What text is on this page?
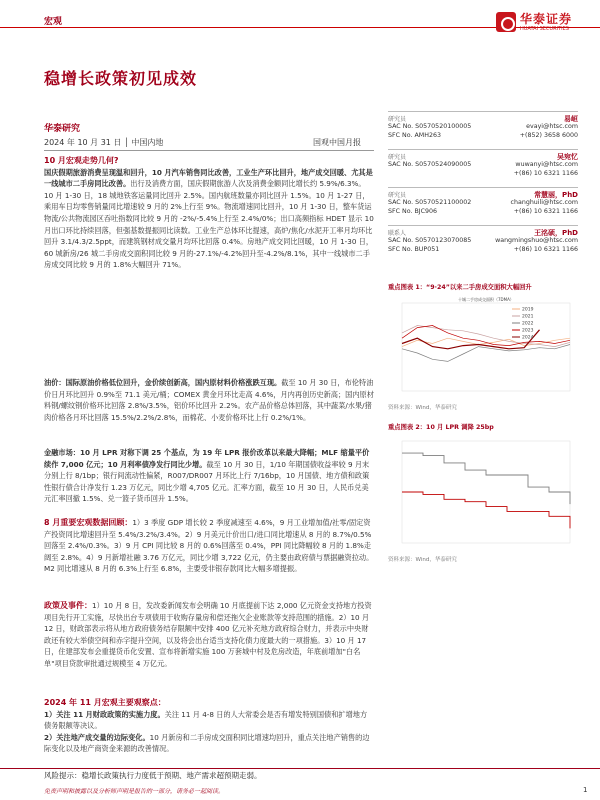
宏观	华泰证券
HUATAI SECURITIES
稳增长政策初见成效
华泰研究
2024 年 10 月 31 日 │ 中国内地	国观中国月报

10 月宏观走势几何?

国庆假期旅游消费呈现温和回升，10 月汽车销售同比改善，工业生产环比回升，地产成交回暖、尤其是一线城市二手房同比改善。出行及消费方面，国庆假期旅游人次及消费金额同比增长约 5.9%/6.3%。10 月 1-30 日，18 城地铁客运量同比回升 2.5%。国内航班数量亦同比回升 1.5%。10 月 1-27 日，乘用车日均零售销量同比增速较 9 月的 2%上行至 9%。物流增速同比回升，10 月 1-30 日，整车货运物流/公共物流园区吞吐指数同比较 9 月的 -2%/-5.4%上行至 2.4%/0%；出口高频指标 HDET 显示 10 月出口环比持续回落，但强基数提振同比读数。工业生产总体环比提速，高炉/焦化/水泥开工率月均环比回升 3.1/4.3/2.5ppt，而建筑钢材成交量月均环比回落 0.4%。房地产成交同比回暖，10 月 1-30 日，60 城新房/26 城二手房成交面积同比较 9 月的-27.1%/-4.2%回升至-4.2%/8.1%，其中一线城市二手房成交同比较 9 月的 1.8%大幅回升 71%。

油价：国际原油价格低位回升，金价续创新高，国内原材料价格涨跌互现。截至 10 月 30 日，布伦特油价日月环比回升 0.9%至 71.1 美元/桶；COMEX 黄金月环比走高 4.6%，月内再创历史新高；国内原材料钢/螺纹钢价格环比回落 2.8%/3.5%，铝价环比回升 2.2%。农产品价格总体回落，其中蔬菜/水果/猪肉价格各月环比回落 15.5%/2.2%/2.8%，而棉花、小麦价格环比上行 0.2%/1%。

金融市场：10 月 LPR 对称下调 25 个基点，为 19 年 LPR 报价改革以来最大降幅；MLF 缩量平价续作 7,000 亿元；10 月利率债净发行同比少增。截至 10 月 30 日，1/10 年期国债收益率较 9 月末分别上行 8/1bp；银行间流动性偏紧，R007/DR007 月环比上行 7/16bp，10 月国债、地方债和政策性银行债合计净发行 1.23 万亿元，同比少增 4,705 亿元。汇率方面，截至 10 月 30 日，人民币兑美元汇率回撤 1.5%、兑一篮子货币回升 1.5%。

8 月重要宏观数据回顾：1）3 季度 GDP 增长较 2 季度减速至 4.6%，9 月工业增加值/社零/固定资产投资同比增速回升至 5.4%/3.2%/3.4%。2）9 月美元计价出口/进口同比增速从 8 月的 8.7%/0.5%回落至 2.4%/0.3%。3）9 月 CPI 同比较 8 月的 0.6%回落至 0.4%，PPI 同比降幅较 8 月的 1.8%走阔至 2.8%。4）9 月新增社融 3.76 万亿元，同比少增 3,722 亿元，仍主要由政府债与票据融资拉动。M2 同比增速从 8 月的 6.3%上行至 6.8%，主要受非银存款同比大幅多增提振。

政策及事件：1）10 月 8 日，发改委新闻发布会明确 10 月底提前下达 2,000 亿元资金支持地方投资项目先行开工实施，尽快出台专项债用于收购存量房和偿还拖欠企业账款等支持范围的措施。2）10 月 12 日，财政部表示将从地方政府债务结存限额中安排 400 亿元补充地方政府综合财力，并表示中央财政还有较大举债空间和赤字提升空间，以及将会出台适当支持化债力度最大的一项措施。3）10 月 17 日，住建部发布会重提货币化安置、宣布将新增实施 100 万套城中村及危房改造，年底前增加"白名单"项目贷款审批通过规模至 4 万亿元。

2024 年 11 月宏观主要观察点：

1）关注 11 月财政政策的实施力度。关注 11 月 4-8 日的人大常委会是否有增发特别国债和扩增地方债务限额等决议。

2）关注地产成交量的边际变化。10 月新房和二手房成交面积同比增速均回升，重点关注地产销售的边际变化以及地产商资金来源的改善情况。

研究员	易峘
SAC No. S0570520100005	evayi@htsc.com
SFC No. AMH263	+(852) 3658 6000
研究员	吴宛忆
SAC No. S0570524090005	wuwanyi@htsc.com
+(86) 10 6321 1166
研究员	常慧丽，PhD
SAC No. S0570521100002	changhuili@htsc.com
SFC No. BJC906	+(86) 10 6321 1166
联系人	王洺硕，PhD
SAC No. S0570123070085	wangmingshuo@htsc.com
SFC No. BUP051	+(86) 10 6321 1166
重点图表 1：“9·24”以来二手房成交面积大幅回升
十城二手房成交面积（7DMA）
2019
2021
2022
2023
2024
资料来源：Wind，华泰研究
重点图表 2：10 月 LPR 调降 25bp
资料来源：Wind，华泰研究
风险提示：稳增长政策执行力度低于预期、地产需求超预期走弱。
免责声明和披露以及分析师声明是报告的一部分，请务必一起阅读。	1
